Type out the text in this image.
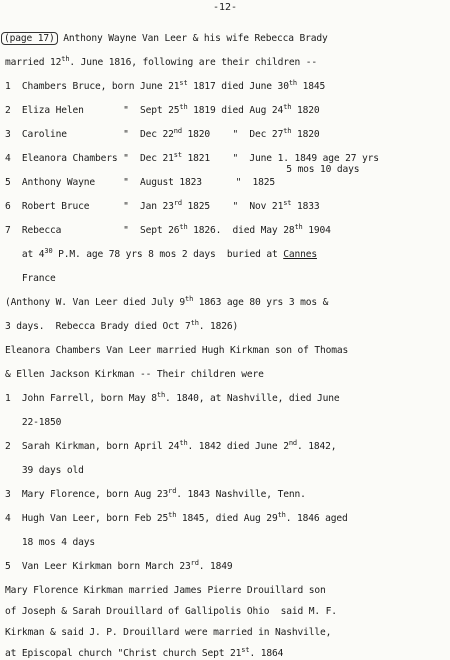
-12-
(page 17) Anthony Wayne Van Leer & his wife Rebecca Brady
married 12th. June 1816, following are their children --
1  Chambers Bruce, born June 21st 1817 died June 30th 1845
2  Eliza Helen       "  Sept 25th 1819 died Aug 24th 1820
3  Caroline          "  Dec 22nd 1820    "  Dec 27th 1820
4  Eleanora Chambers "  Dec 21st 1821    "  June 1. 1849 age 27 yrs
5 mos 10 days
5  Anthony Wayne     "  August 1823      "  1825
6  Robert Bruce      "  Jan 23rd 1825    "  Nov 21st 1833
7  Rebecca           "  Sept 26th 1826.  died May 28th 1904
at $4^{30}$ P.M. age 78 yrs 8 mos 2 days  buried at Cannes
France
(Anthony W. Van Leer died July 9th 1863 age 80 yrs 3 mos &
3 days.  Rebecca Brady died Oct 7th. 1826)
Eleanora Chambers Van Leer married Hugh Kirkman son of Thomas
& Ellen Jackson Kirkman -- Their children were
1  John Farrell, born May 8th. 1840, at Nashville, died June
22-1850
2  Sarah Kirkman, born April 24th. 1842 died June 2nd. 1842,
39 days old
3  Mary Florence, born Aug 23rd. 1843 Nashville, Tenn.
4  Hugh Van Leer, born Feb 25th 1845, died Aug 29th. 1846 aged
18 mos 4 days
5  Van Leer Kirkman born March 23rd. 1849
Mary Florence Kirkman married James Pierre Drouillard son
of Joseph & Sarah Drouillard of Gallipolis Ohio  said M. F.
Kirkman & said J. P. Drouillard were married in Nashville,
at Episcopal church "Christ church Sept 21st. 1864
